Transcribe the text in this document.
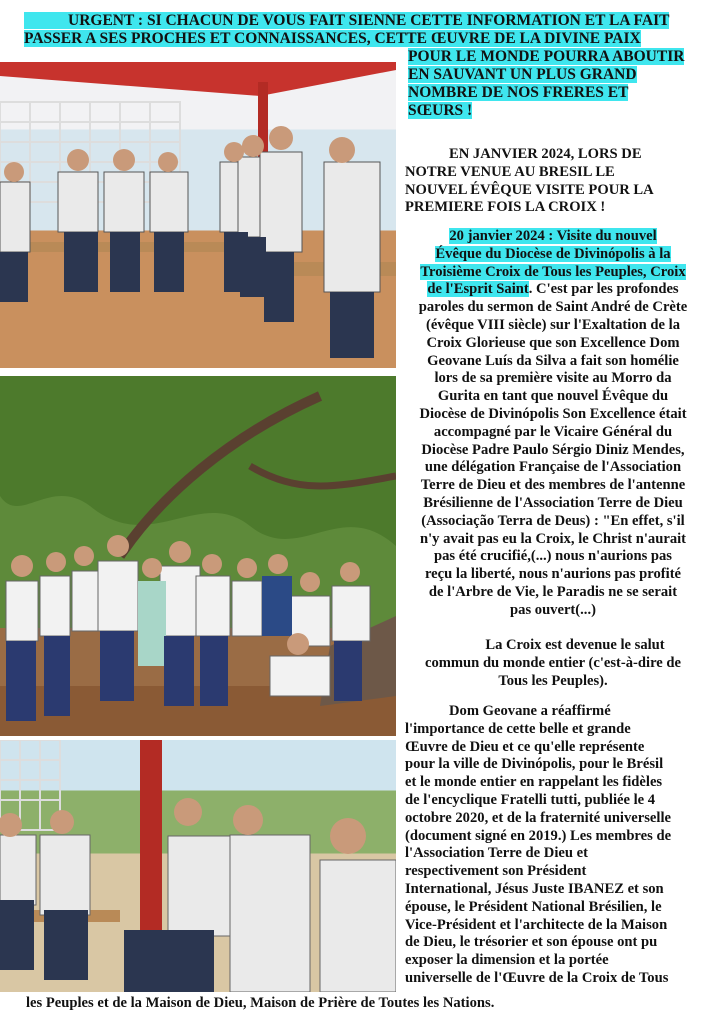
URGENT : SI CHACUN DE VOUS FAIT SIENNE CETTE INFORMATION ET LA FAIT
PASSER A SES PROCHES ET CONNAISSANCES, CETTE ŒUVRE DE LA DIVINE PAIX

POUR LE MONDE POURRA ABOUTIR
EN SAUVANT UN PLUS GRAND
NOMBRE DE NOS FRERES ET
SŒURS !

EN JANVIER 2024, LORS DE
NOTRE VENUE AU BRESIL LE
NOUVEL ÉVÊQUE VISITE POUR LA
PREMIERE FOIS LA CROIX !

20 janvier 2024 : Visite du nouvel
Évêque du Diocèse de Divinópolis à la
Troisième Croix de Tous les Peuples, Croix
de l'Esprit Saint. C'est par les profondes
paroles du sermon de Saint André de Crète
(évêque VIII siècle) sur l'Exaltation de la
Croix Glorieuse que son Excellence Dom
Geovane Luís da Silva a fait son homélie
lors de sa première visite au Morro da
Gurita en tant que nouvel Évêque du
Diocèse de Divinópolis Son Excellence était
accompagné par le Vicaire Général du
Diocèse Padre Paulo Sérgio Diniz Mendes,
une délégation Française de l'Association
Terre de Dieu et des membres de l'antenne
Brésilienne de l'Association Terre de Dieu
(Associação Terra de Deus) : "En effet, s'il
n'y avait pas eu la Croix, le Christ n'aurait
pas été crucifié,(...) nous n'aurions pas
reçu la liberté, nous n'aurions pas profité
de l'Arbre de Vie, le Paradis ne se serait
pas ouvert(...)

La Croix est devenue le salut
commun du monde entier (c'est-à-dire de
Tous les Peuples).

Dom Geovane a réaffirmé
l'importance de cette belle et grande
Œuvre de Dieu et ce qu'elle représente
pour la ville de Divinópolis, pour le Brésil
et le monde entier en rappelant les fidèles
de l'encyclique Fratelli tutti, publiée le 4
octobre 2020, et de la fraternité universelle
(document signé en 2019.) Les membres de
l'Association Terre de Dieu et
respectivement son Président
International, Jésus Juste IBANEZ et son
épouse, le Président National Brésilien, le
Vice-Président et l'architecte de la Maison
de Dieu, le trésorier et son épouse ont pu
exposer la dimension et la portée
universelle de l'Œuvre de la Croix de Tous

les Peuples et de la Maison de Dieu, Maison de Prière de Toutes les Nations.
